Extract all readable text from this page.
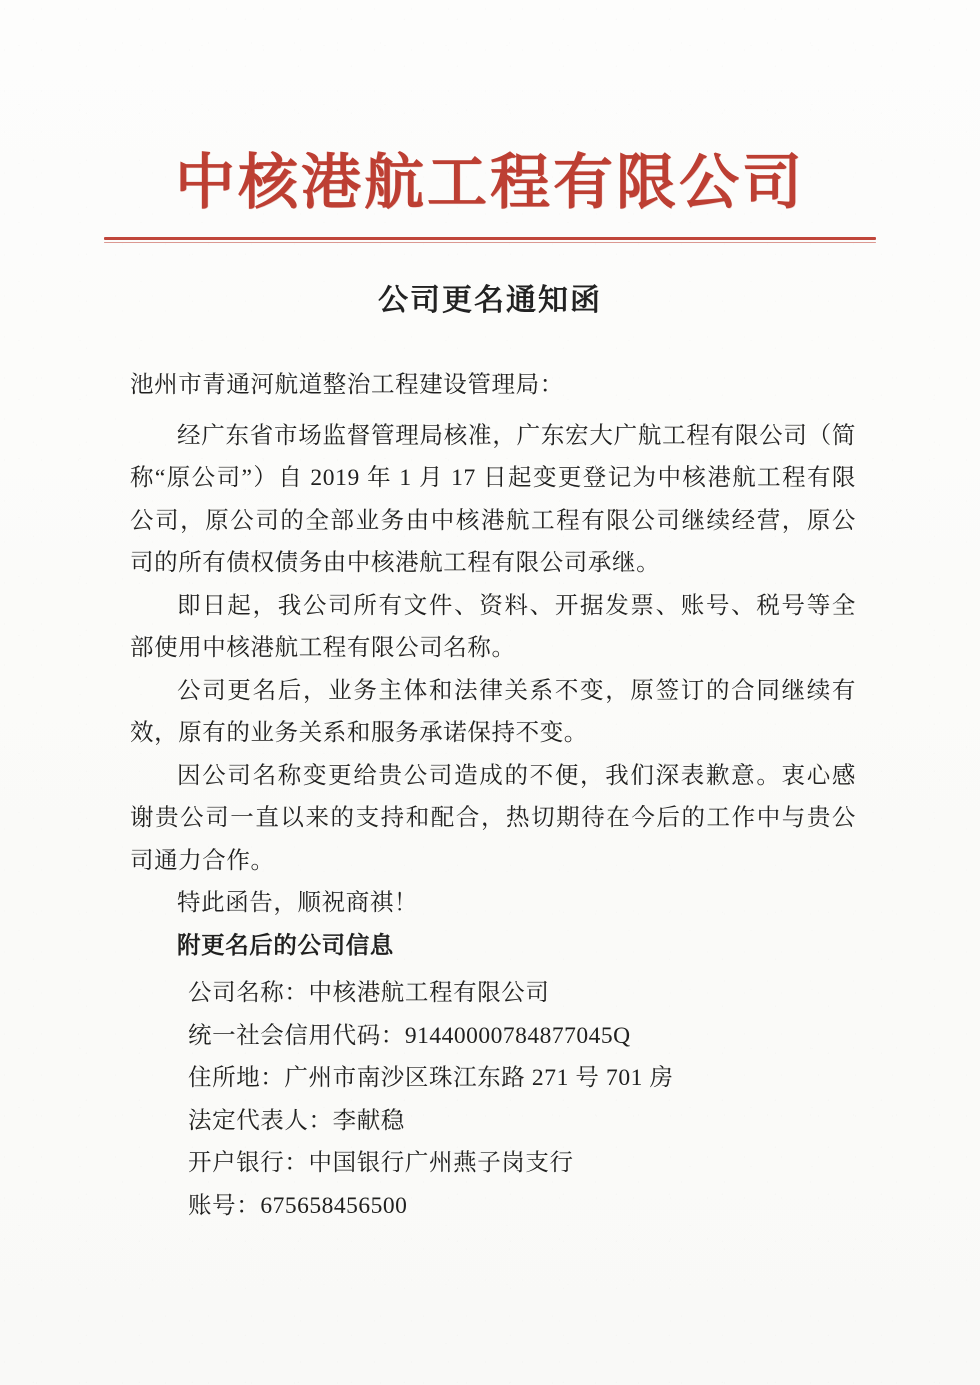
中核港航工程有限公司
公司更名通知函
池州市青通河航道整治工程建设管理局：
经广东省市场监督管理局核准，广东宏大广航工程有限公司（简
称“原公司”）自 2019 年 1 月 17 日起变更登记为中核港航工程有限
公司，原公司的全部业务由中核港航工程有限公司继续经营，原公
司的所有债权债务由中核港航工程有限公司承继。
即日起，我公司所有文件、资料、开据发票、账号、税号等全
部使用中核港航工程有限公司名称。
公司更名后，业务主体和法律关系不变，原签订的合同继续有
效，原有的业务关系和服务承诺保持不变。
因公司名称变更给贵公司造成的不便，我们深表歉意。衷心感
谢贵公司一直以来的支持和配合，热切期待在今后的工作中与贵公
司通力合作。
特此函告，顺祝商祺！
附更名后的公司信息
公司名称：中核港航工程有限公司
统一社会信用代码：91440000784877045Q
住所地：广州市南沙区珠江东路 271 号 701 房
法定代表人：李献稳
开户银行：中国银行广州燕子岗支行
账号：675658456500
